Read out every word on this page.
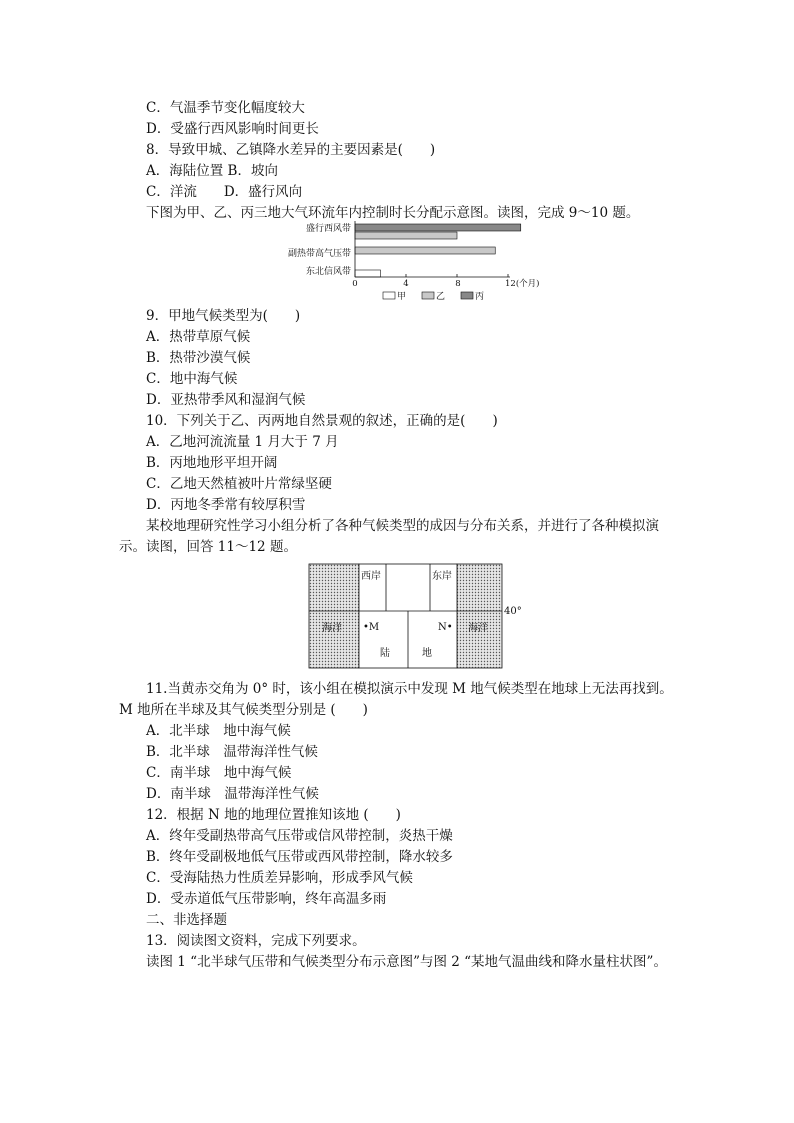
C．气温季节变化幅度较大
D．受盛行西风影响时间更长
8．导致甲城、乙镇降水差异的主要因素是(　　)
A．海陆位置 B．坡向
C．洋流　　D．盛行风向
下图为甲、乙、丙三地大气环流年内控制时长分配示意图。读图，完成 9～10 题。
盛行西风带
副热带高气压带
东北信风带
0	4	8	12(个月)
甲	乙	丙
9．甲地气候类型为(　　)
A．热带草原气候
B．热带沙漠气候
C．地中海气候
D．亚热带季风和湿润气候
10．下列关于乙、丙两地自然景观的叙述，正确的是(　　)
A．乙地河流流量 1 月大于 7 月
B．丙地地形平坦开阔
C．乙地天然植被叶片常绿坚硬
D．丙地冬季常有较厚积雪
某校地理研究性学习小组分析了各种气候类型的成因与分布关系，并进行了各种模拟演
示。读图，回答 11～12 题。
西岸	东岸
40°
海洋	海洋
•M	N•
陆	地
11.当黄赤交角为 0° 时，该小组在模拟演示中发现 M 地气候类型在地球上无法再找到。
M 地所在半球及其气候类型分别是 (　　)
A．北半球　地中海气候
B．北半球　温带海洋性气候
C．南半球　地中海气候
D．南半球　温带海洋性气候
12．根据 N 地的地理位置推知该地 (　　)
A．终年受副热带高气压带或信风带控制，炎热干燥
B．终年受副极地低气压带或西风带控制，降水较多
C．受海陆热力性质差异影响，形成季风气候
D．受赤道低气压带影响，终年高温多雨
二、非选择题
13．阅读图文资料，完成下列要求。
读图 1 “北半球气压带和气候类型分布示意图”与图 2 “某地气温曲线和降水量柱状图”。
